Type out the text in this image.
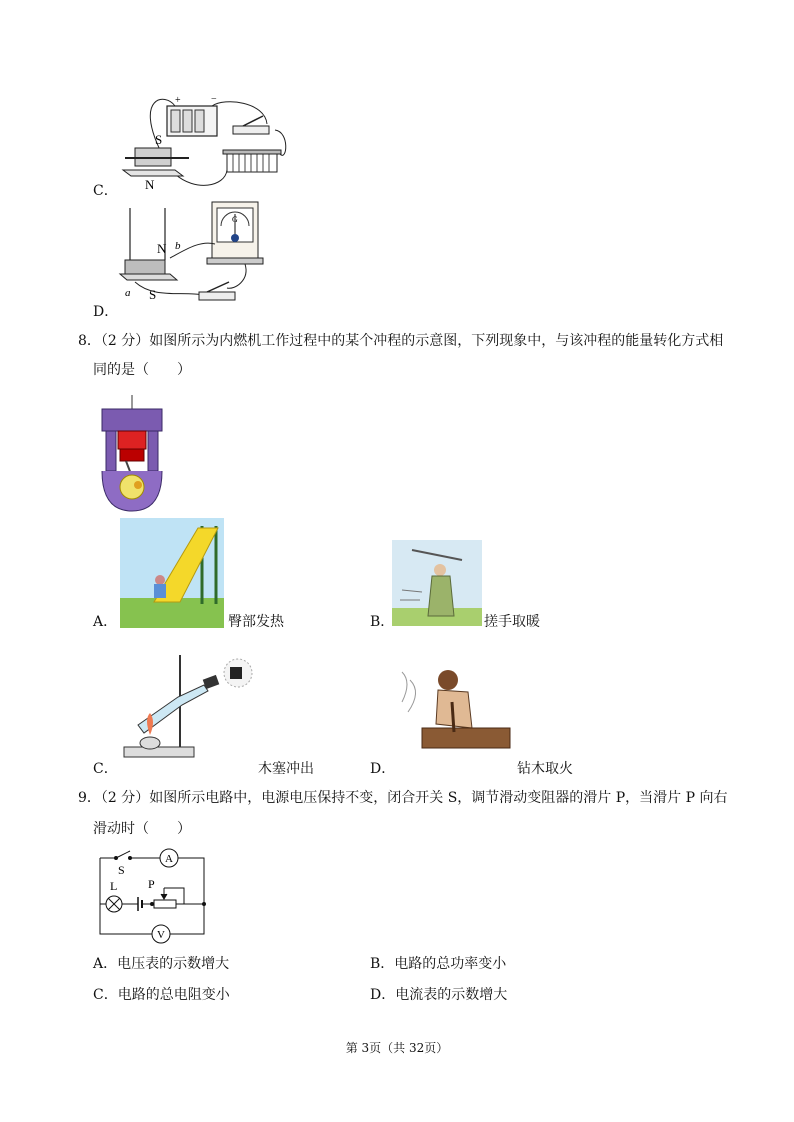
+	−
S
N
C．
G
N b
a S
D．
8．（2 分）如图所示为内燃机工作过程中的某个冲程的示意图，下列现象中，与该冲程的能量转化方式相
同的是（　　）
A．	臀部发热	B．	搓手取暖
C．	木塞冲出	D．	钻木取火
9．（2 分）如图所示电路中，电源电压保持不变，闭合开关 S，调节滑动变阻器的滑片 P，当滑片 P 向右
滑动时（　　）
S
A
L	P
V
A．电压表的示数增大	B．电路的总功率变小
C．电路的总电阻变小	D．电流表的示数增大
第 3页（共 32页）
